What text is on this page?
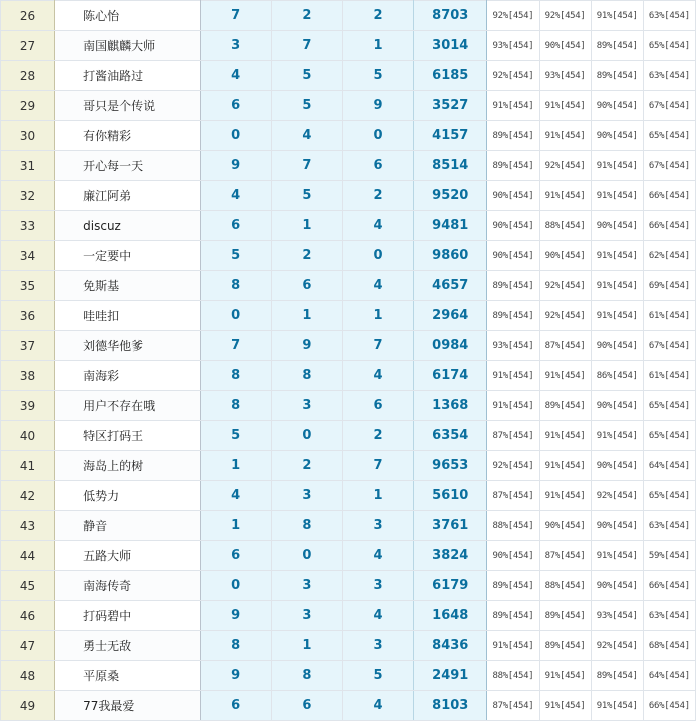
26	陈心怡	7	2	2	8703	92%[454]	92%[454]	91%[454]	63%[454]
27	南国麒麟大师	3	7	1	3014	93%[454]	90%[454]	89%[454]	65%[454]
28	打酱油路过	4	5	5	6185	92%[454]	93%[454]	89%[454]	63%[454]
29	哥只是个传说	6	5	9	3527	91%[454]	91%[454]	90%[454]	67%[454]
30	有你精彩	0	4	0	4157	89%[454]	91%[454]	90%[454]	65%[454]
31	开心每一天	9	7	6	8514	89%[454]	92%[454]	91%[454]	67%[454]
32	廉江阿弟	4	5	2	9520	90%[454]	91%[454]	91%[454]	66%[454]
33	discuz	6	1	4	9481	90%[454]	88%[454]	90%[454]	66%[454]
34	一定要中	5	2	0	9860	90%[454]	90%[454]	91%[454]	62%[454]
35	免斯基	8	6	4	4657	89%[454]	92%[454]	91%[454]	69%[454]
36	哇哇扣	0	1	1	2964	89%[454]	92%[454]	91%[454]	61%[454]
37	刘德华他爹	7	9	7	0984	93%[454]	87%[454]	90%[454]	67%[454]
38	南海彩	8	8	4	6174	91%[454]	91%[454]	86%[454]	61%[454]
39	用户不存在哦	8	3	6	1368	91%[454]	89%[454]	90%[454]	65%[454]
40	特区打码王	5	0	2	6354	87%[454]	91%[454]	91%[454]	65%[454]
41	海岛上的树	1	2	7	9653	92%[454]	91%[454]	90%[454]	64%[454]
42	低势力	4	3	1	5610	87%[454]	91%[454]	92%[454]	65%[454]
43	静音	1	8	3	3761	88%[454]	90%[454]	90%[454]	63%[454]
44	五路大师	6	0	4	3824	90%[454]	87%[454]	91%[454]	59%[454]
45	南海传奇	0	3	3	6179	89%[454]	88%[454]	90%[454]	66%[454]
46	打码碧中	9	3	4	1648	89%[454]	89%[454]	93%[454]	63%[454]
47	勇士无敌	8	1	3	8436	91%[454]	89%[454]	92%[454]	68%[454]
48	平原桑	9	8	5	2491	88%[454]	91%[454]	89%[454]	64%[454]
49	77我最爱	6	6	4	8103	87%[454]	91%[454]	91%[454]	66%[454]
